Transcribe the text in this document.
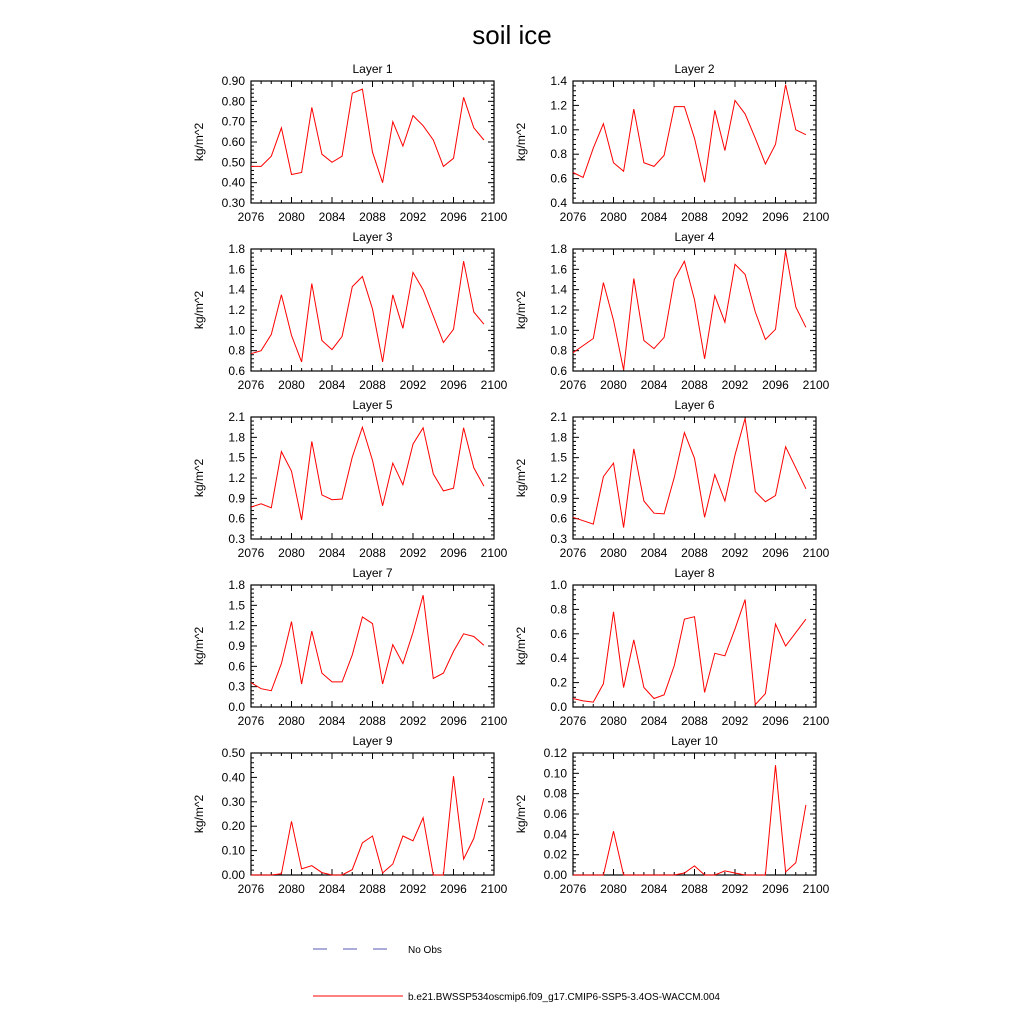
soil ice
Layer 1
2076 2080 2084 2088 2092 2096 2100
0.30
0.40
0.50
0.60
0.70
0.80
0.90
kg/m^2
Layer 2
2076 2080 2084 2088 2092 2096 2100
0.4
0.6
0.8
1.0
1.2
1.4
kg/m^2
Layer 3
2076 2080 2084 2088 2092 2096 2100
0.6
0.8
1.0
1.2
1.4
1.6
1.8
kg/m^2
Layer 4
2076 2080 2084 2088 2092 2096 2100
0.6
0.8
1.0
1.2
1.4
1.6
1.8
kg/m^2
Layer 5
2076 2080 2084 2088 2092 2096 2100
0.3
0.6
0.9
1.2
1.5
1.8
2.1
kg/m^2
Layer 6
2076 2080 2084 2088 2092 2096 2100
0.3
0.6
0.9
1.2
1.5
1.8
2.1
kg/m^2
Layer 7
2076 2080 2084 2088 2092 2096 2100
0.0
0.3
0.6
0.9
1.2
1.5
1.8
kg/m^2
Layer 8
2076 2080 2084 2088 2092 2096 2100
0.0
0.2
0.4
0.6
0.8
1.0
kg/m^2
Layer 9
2076 2080 2084 2088 2092 2096 2100
0.00
0.10
0.20
0.30
0.40
0.50
kg/m^2
Layer 10
2076 2080 2084 2088 2092 2096 2100
0.00
0.02
0.04
0.06
0.08
0.10
0.12
kg/m^2
No Obs
b.e21.BWSSP534oscmip6.f09_g17.CMIP6-SSP5-3.4OS-WACCM.004
